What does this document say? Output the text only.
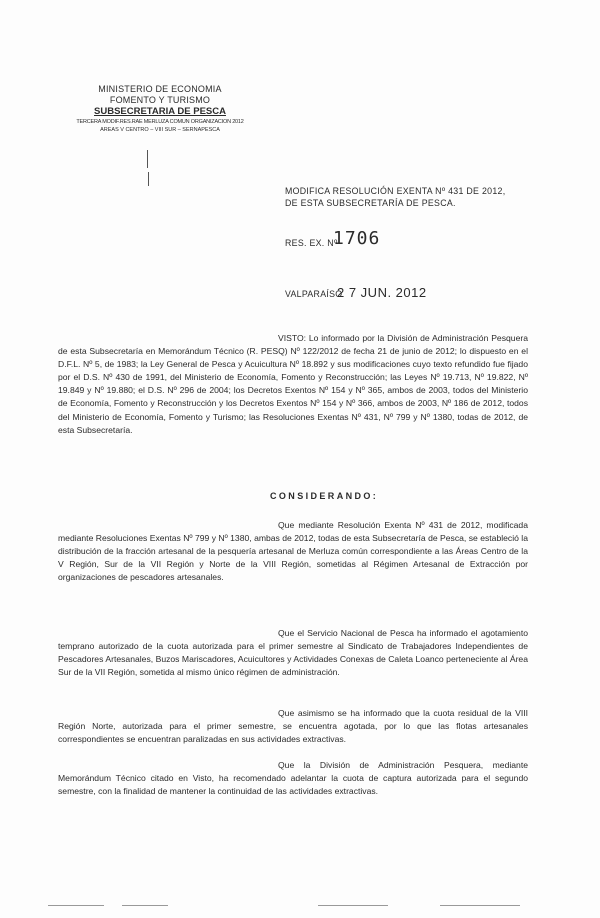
MINISTERIO DE ECONOMIA
FOMENTO Y TURISMO
SUBSECRETARIA DE PESCA
TERCERA MODIF.RES.RAE MERLUZA COMUN ORGANIZACION 2012
AREAS V CENTRO – VIII SUR – SERNAPESCA
MODIFICA RESOLUCIÓN EXENTA Nº 431 DE 2012,
DE ESTA SUBSECRETARÍA DE PESCA.
RES. EX. Nº
1706
VALPARAÍSO
2 7 JUN. 2012
VISTO: Lo informado por la División de Administración Pesquera de esta Subsecretaría en Memorándum Técnico (R. PESQ) Nº 122/2012 de fecha 21 de junio de 2012; lo dispuesto en el D.F.L. Nº 5, de 1983; la Ley General de Pesca y Acuicultura Nº 18.892 y sus modificaciones cuyo texto refundido fue fijado por el D.S. Nº 430 de 1991, del Ministerio de Economía, Fomento y Reconstrucción; las Leyes Nº 19.713, Nº 19.822, Nº 19.849 y Nº 19.880; el D.S. Nº 296 de 2004; los Decretos Exentos Nº 154 y Nº 365, ambos de 2003, todos del Ministerio de Economía, Fomento y Reconstrucción y los Decretos Exentos Nº 154 y Nº 366, ambos de 2003, Nº 186 de 2012, todos del Ministerio de Economía, Fomento y Turismo; las Resoluciones Exentas Nº 431, Nº 799 y Nº 1380, todas de 2012, de esta Subsecretaría.
CONSIDERANDO:
Que mediante Resolución Exenta Nº 431 de 2012, modificada mediante Resoluciones Exentas Nº 799 y Nº 1380, ambas de 2012, todas de esta Subsecretaría de Pesca, se estableció la distribución de la fracción artesanal de la pesquería artesanal de Merluza común correspondiente a las Áreas Centro de la V Región, Sur de la VII Región y Norte de la VIII Región, sometidas al Régimen Artesanal de Extracción por organizaciones de pescadores artesanales.
Que el Servicio Nacional de Pesca ha informado el agotamiento temprano autorizado de la cuota autorizada para el primer semestre al Sindicato de Trabajadores Independientes de Pescadores Artesanales, Buzos Mariscadores, Acuicultores y Actividades Conexas de Caleta Loanco perteneciente al Área Sur de la VII Región, sometida al mismo único régimen de administración.
Que asimismo se ha informado que la cuota residual de la VIII Región Norte, autorizada para el primer semestre, se encuentra agotada, por lo que las flotas artesanales correspondientes se encuentran paralizadas en sus actividades extractivas.
Que la División de Administración Pesquera, mediante Memorándum Técnico citado en Visto, ha recomendado adelantar la cuota de captura autorizada para el segundo semestre, con la finalidad de mantener la continuidad de las actividades extractivas.
